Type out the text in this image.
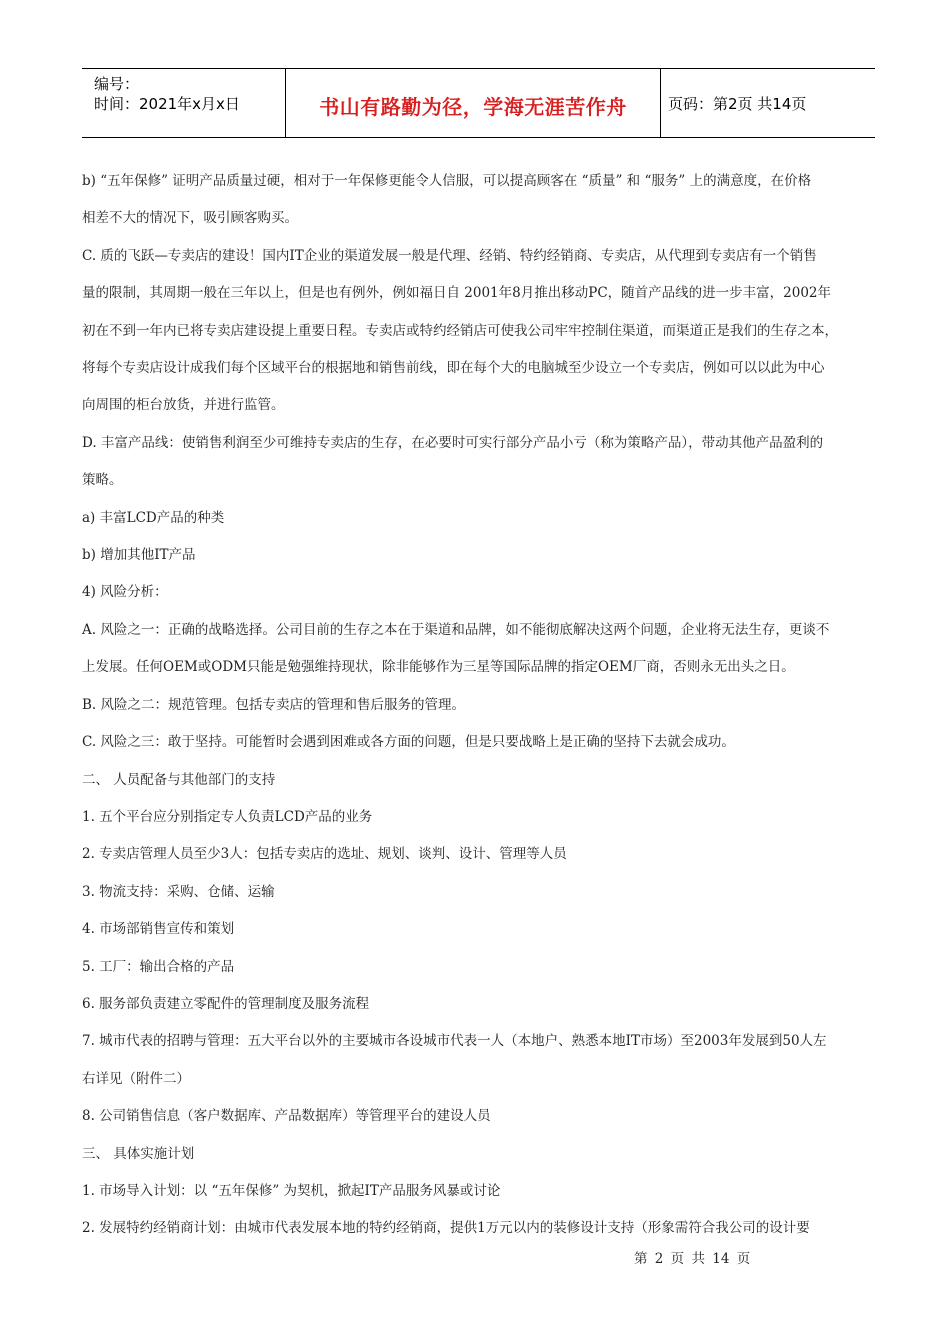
编号：
时间：2021年x月x日	书山有路勤为径，学海无涯苦作舟	页码：第2页 共14页

b) “五年保修” 证明产品质量过硬，相对于一年保修更能令人信服，可以提高顾客在 “质量” 和 “服务” 上的满意度，在价格

相差不大的情况下，吸引顾客购买。

C. 质的飞跃—专卖店的建设！国内IT企业的渠道发展一般是代理、经销、特约经销商、专卖店，从代理到专卖店有一个销售

量的限制，其周期一般在三年以上，但是也有例外，例如福日自 2001年8月推出移动PC，随首产品线的进一步丰富，2002年

初在不到一年内已将专卖店建设提上重要日程。专卖店或特约经销店可使我公司牢牢控制住渠道，而渠道正是我们的生存之本，

将每个专卖店设计成我们每个区域平台的根据地和销售前线，即在每个大的电脑城至少设立一个专卖店，例如可以以此为中心

向周围的柜台放货，并进行监管。

D. 丰富产品线：使销售利润至少可维持专卖店的生存，在必要时可实行部分产品小亏（称为策略产品），带动其他产品盈利的

策略。

a) 丰富LCD产品的种类

b) 增加其他IT产品

4) 风险分析：

A. 风险之一：正确的战略选择。公司目前的生存之本在于渠道和品牌，如不能彻底解决这两个问题，企业将无法生存，更谈不

上发展。任何OEM或ODM只能是勉强维持现状，除非能够作为三星等国际品牌的指定OEM厂商，否则永无出头之日。

B. 风险之二：规范管理。包括专卖店的管理和售后服务的管理。

C. 风险之三：敢于坚持。可能暂时会遇到困难或各方面的问题，但是只要战略上是正确的坚持下去就会成功。

二、 人员配备与其他部门的支持

1. 五个平台应分别指定专人负责LCD产品的业务

2. 专卖店管理人员至少3人：包括专卖店的选址、规划、谈判、设计、管理等人员

3. 物流支持：采购、仓储、运输

4. 市场部销售宣传和策划

5. 工厂：输出合格的产品

6. 服务部负责建立零配件的管理制度及服务流程

7. 城市代表的招聘与管理：五大平台以外的主要城市各设城市代表一人（本地户、熟悉本地IT市场）至2003年发展到50人左

右详见（附件二）

8. 公司销售信息（客户数据库、产品数据库）等管理平台的建设人员

三、 具体实施计划

1. 市场导入计划：以 “五年保修” 为契机，掀起IT产品服务风暴或讨论

2. 发展特约经销商计划：由城市代表发展本地的特约经销商，提供1万元以内的装修设计支持（形象需符合我公司的设计要

第 2 页 共 14 页
